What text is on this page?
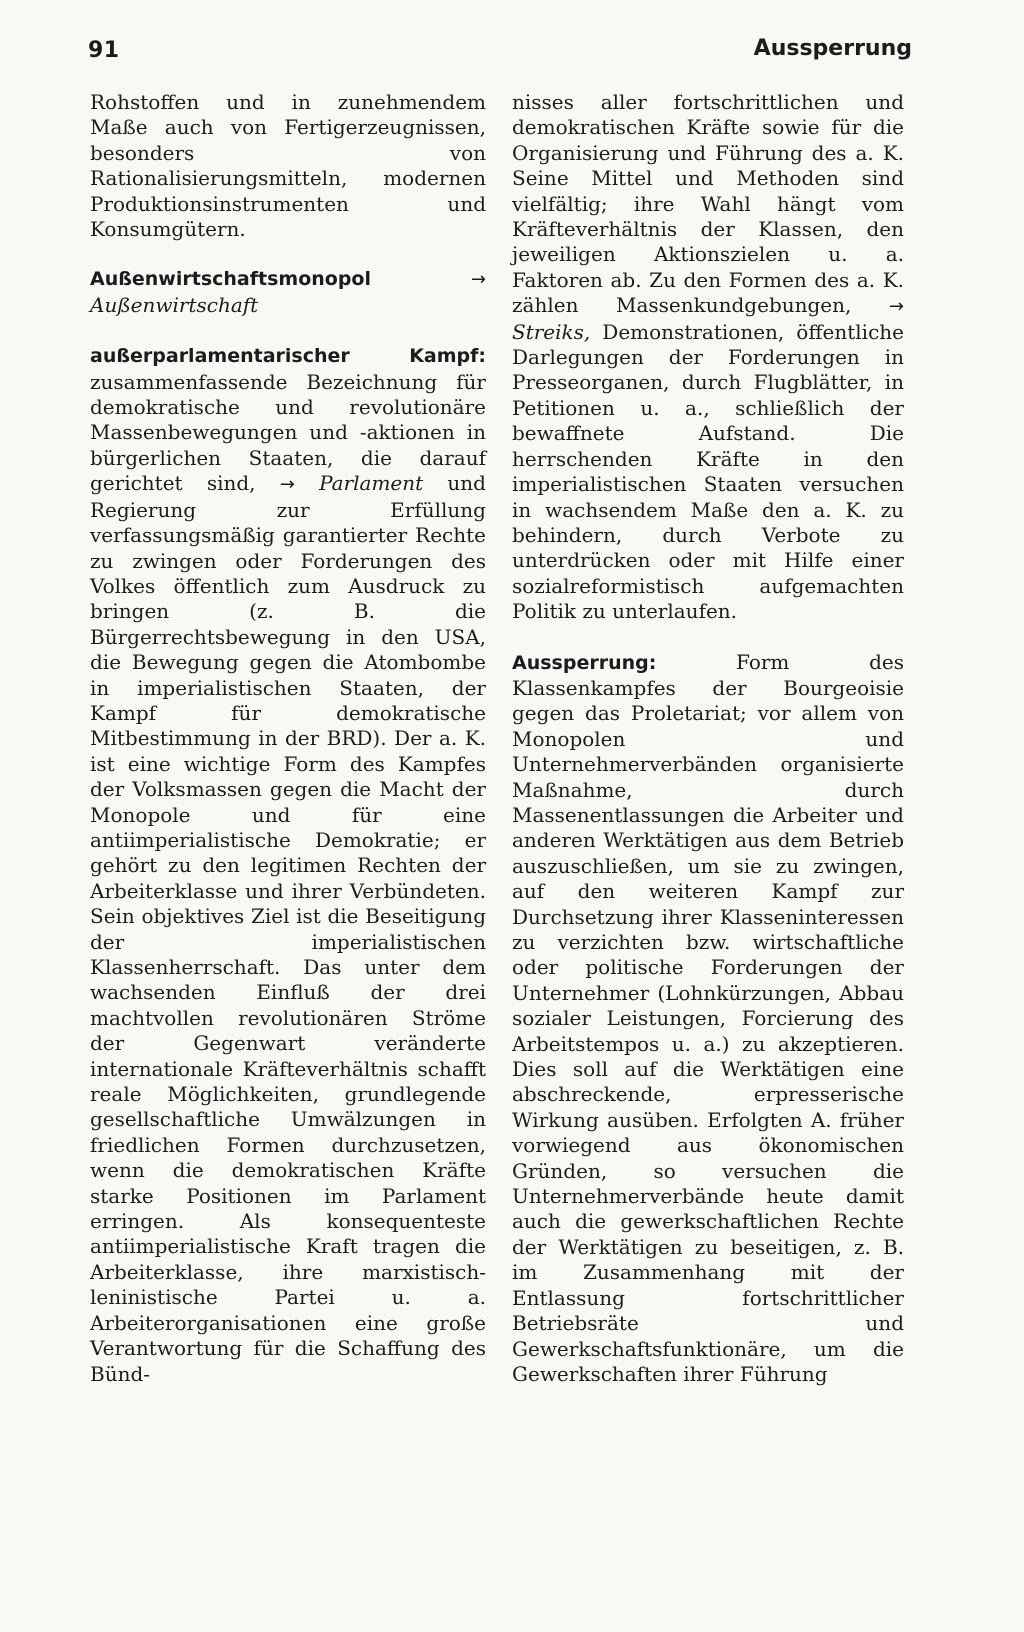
91	Aussperrung

Rohstoffen und in zunehmendem Maße auch von Fertigerzeugnissen, besonders von Rationalisierungsmitteln, modernen Produktionsinstrumenten und Konsumgütern.

Außenwirtschaftsmonopol	→
Außenwirtschaft

außerparlamentarischer Kampf: zusammenfassende Bezeichnung für demokratische und revolutionäre Massenbewegungen und -aktionen in bürgerlichen Staaten, die darauf gerichtet sind, → Parlament und Regierung zur Erfüllung verfassungsmäßig garantierter Rechte zu zwingen oder Forderungen des Volkes öffentlich zum Ausdruck zu bringen (z. B. die Bürgerrechtsbewegung in den USA, die Bewegung gegen die Atombombe in imperialistischen Staaten, der Kampf für demokratische Mitbestimmung in der BRD). Der a. K. ist eine wichtige Form des Kampfes der Volksmassen gegen die Macht der Monopole und für eine antiimperialistische Demokratie; er gehört zu den legitimen Rechten der Arbeiterklasse und ihrer Verbündeten. Sein objektives Ziel ist die Beseitigung der imperialistischen Klassenherrschaft. Das unter dem wachsenden Einfluß der drei machtvollen revolutionären Ströme der Gegenwart veränderte internationale Kräfteverhältnis schafft reale Möglichkeiten, grundlegende gesellschaftliche Umwälzungen in friedlichen Formen durchzusetzen, wenn die demokratischen Kräfte starke Positionen im Parlament erringen. Als konsequenteste antiimperialistische Kraft tragen die Arbeiterklasse, ihre marxistisch-leninistische Partei u. a. Arbeiterorganisationen eine große Verantwortung für die Schaffung des Bünd-

nisses aller fortschrittlichen und demokratischen Kräfte sowie für die Organisierung und Führung des a. K. Seine Mittel und Methoden sind vielfältig; ihre Wahl hängt vom Kräfteverhältnis der Klassen, den jeweiligen Aktionszielen u. a. Faktoren ab. Zu den Formen des a. K. zählen Massenkundgebungen, → Streiks, Demonstrationen, öffentliche Darlegungen der Forderungen in Presseorganen, durch Flugblätter, in Petitionen u. a., schließlich der bewaffnete Aufstand. Die herrschenden Kräfte in den imperialistischen Staaten versuchen in wachsendem Maße den a. K. zu behindern, durch Verbote zu unterdrücken oder mit Hilfe einer sozialreformistisch aufgemachten Politik zu unterlaufen.

Aussperrung:	Form des Klassenkampfes der Bourgeoisie gegen das Proletariat; vor allem von Monopolen und Unternehmerverbänden organisierte Maßnahme, durch Massenentlassungen die Arbeiter und anderen Werktätigen aus dem Betrieb auszuschließen, um sie zu zwingen, auf den weiteren Kampf zur Durchsetzung ihrer Klasseninteressen zu verzichten bzw. wirtschaftliche oder politische Forderungen der Unternehmer (Lohnkürzungen, Abbau sozialer Leistungen, Forcierung des Arbeitstempos u. a.) zu akzeptieren. Dies soll auf die Werktätigen eine abschreckende, erpresserische Wirkung ausüben. Erfolgten A. früher vorwiegend aus ökonomischen Gründen, so versuchen die Unternehmerverbände heute damit auch die gewerkschaftlichen Rechte der Werktätigen zu beseitigen, z. B. im Zusammenhang mit der Entlassung fortschrittlicher Betriebsräte und Gewerkschaftsfunktionäre, um die Gewerkschaften ihrer Führung
